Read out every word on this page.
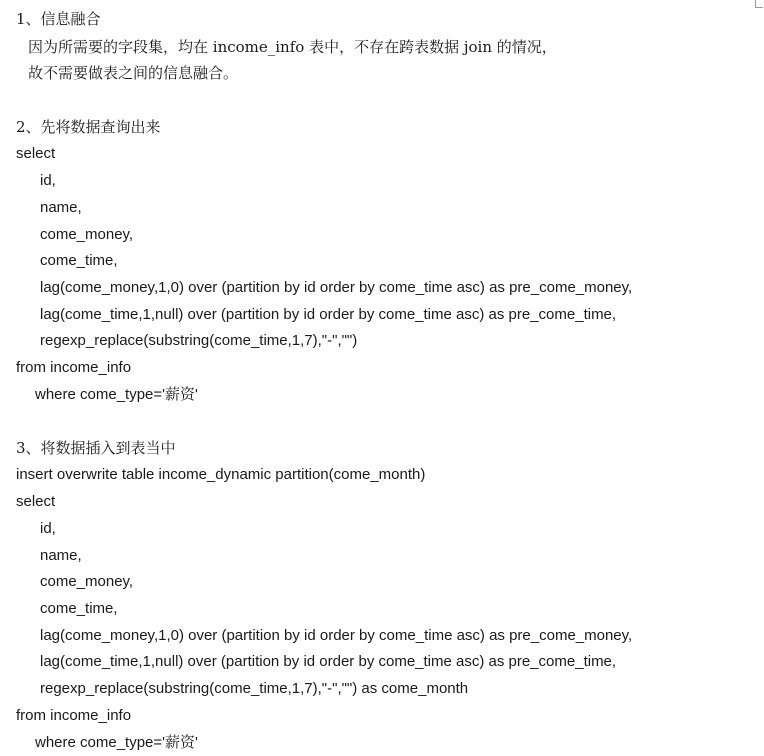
1、信息融合
因为所需要的字段集，均在 income_info 表中，不存在跨表数据 join 的情况，
故不需要做表之间的信息融合。
2、先将数据查询出来
select
id,
name,
come_money,
come_time,
lag(come_money,1,0) over (partition by id order by come_time asc) as pre_come_money,
lag(come_time,1,null) over (partition by id order by come_time asc) as pre_come_time,
regexp_replace(substring(come_time,1,7),"-","")
from income_info
where come_type='薪资'
3、将数据插入到表当中
insert overwrite table income_dynamic partition(come_month)
select
id,
name,
come_money,
come_time,
lag(come_money,1,0) over (partition by id order by come_time asc) as pre_come_money,
lag(come_time,1,null) over (partition by id order by come_time asc) as pre_come_time,
regexp_replace(substring(come_time,1,7),"-","") as come_month
from income_info
where come_type='薪资'
